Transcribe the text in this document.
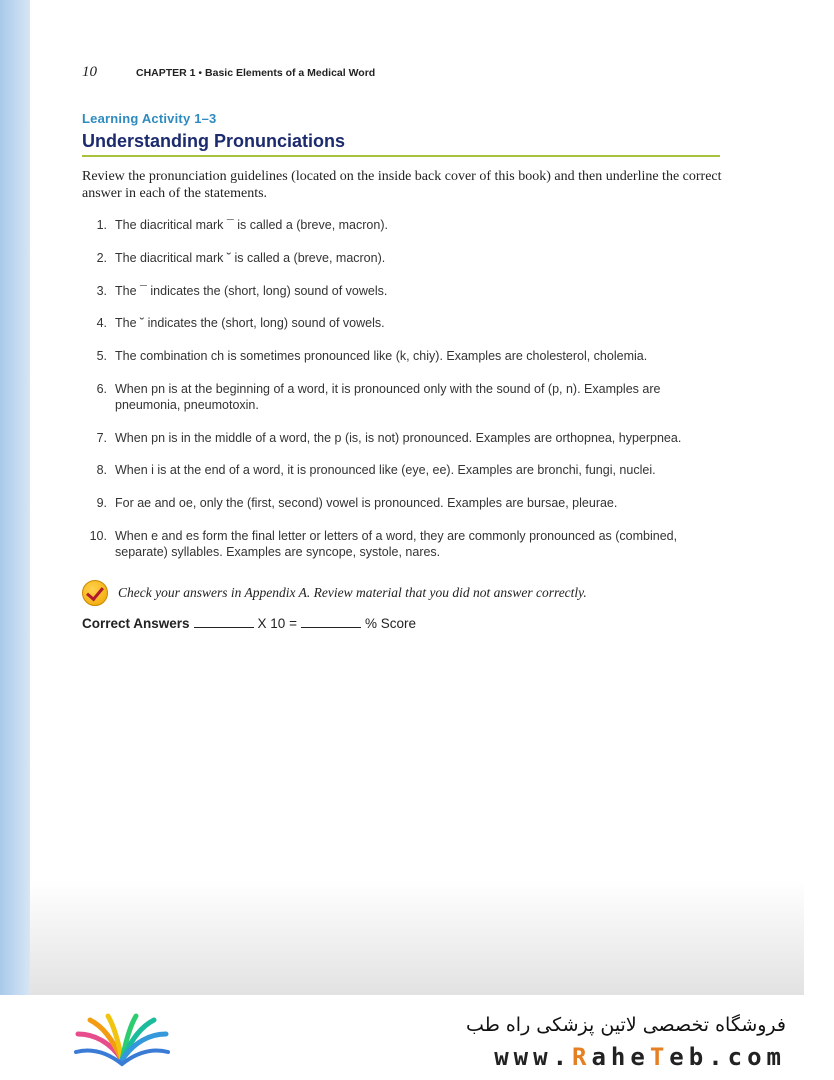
10	CHAPTER 1 • Basic Elements of a Medical Word
Learning Activity 1–3
Understanding Pronunciations
Review the pronunciation guidelines (located on the inside back cover of this book) and then underline the correct answer in each of the statements.
1. The diacritical mark ¯ is called a (breve, macron).
2. The diacritical mark ˘ is called a (breve, macron).
3. The ¯ indicates the (short, long) sound of vowels.
4. The ˘ indicates the (short, long) sound of vowels.
5. The combination ch is sometimes pronounced like (k, chiy). Examples are cholesterol, cholemia.
6. When pn is at the beginning of a word, it is pronounced only with the sound of (p, n). Examples are pneumonia, pneumotoxin.
7. When pn is in the middle of a word, the p (is, is not) pronounced. Examples are orthopnea, hyperpnea.
8. When i is at the end of a word, it is pronounced like (eye, ee). Examples are bronchi, fungi, nuclei.
9. For ae and oe, only the (first, second) vowel is pronounced. Examples are bursae, pleurae.
10. When e and es form the final letter or letters of a word, they are commonly pronounced as (combined, separate) syllables. Examples are syncope, systole, nares.
Check your answers in Appendix A. Review material that you did not answer correctly.
Correct Answers	X 10 =	% Score
فروشگاه تخصصی لاتین پزشکی راه طب
www.RaheTeb.com
